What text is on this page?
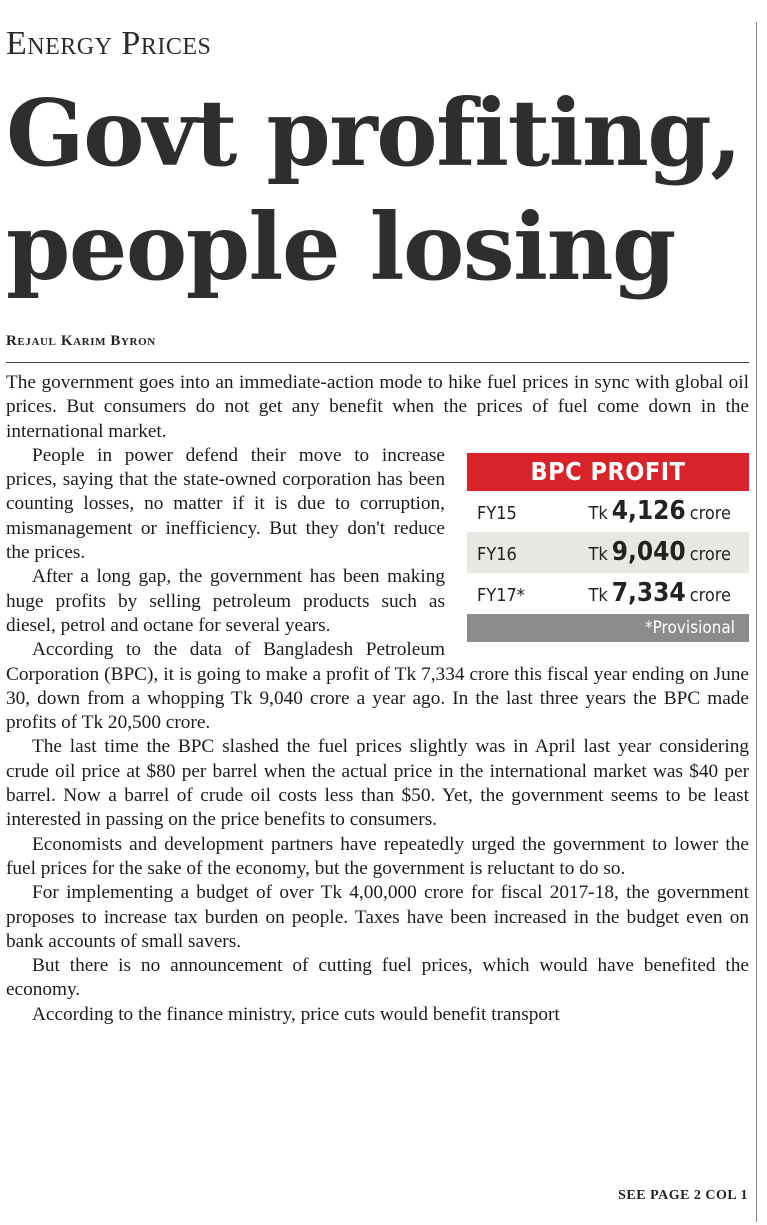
Energy Prices
Govt profiting,
people losing
Rejaul Karim Byron

The government goes into an immediate-action mode to hike fuel prices in sync with global oil prices. But consumers do not get any benefit when the prices of fuel come down in the international market.

BPC PROFIT
FY15	Tk 4,126 crore
FY16	Tk 9,040 crore
FY17*	Tk 7,334 crore
*Provisional

People in power defend their move to increase prices, saying that the state-owned corporation has been counting losses, no matter if it is due to corruption, mismanagement or inefficiency. But they don't reduce the prices.

After a long gap, the government has been making huge profits by selling petroleum products such as diesel, petrol and octane for several years.

According to the data of Bangladesh Petroleum Corporation (BPC), it is going to make a profit of Tk 7,334 crore this fiscal year ending on June 30, down from a whopping Tk 9,040 crore a year ago. In the last three years the BPC made profits of Tk 20,500 crore.

The last time the BPC slashed the fuel prices slightly was in April last year considering crude oil price at $80 per barrel when the actual price in the international market was $40 per barrel. Now a barrel of crude oil costs less than $50. Yet, the government seems to be least interested in passing on the price benefits to consumers.

Economists and development partners have repeatedly urged the government to lower the fuel prices for the sake of the economy, but the government is reluctant to do so.

For implementing a budget of over Tk 4,00,000 crore for fiscal 2017-18, the government proposes to increase tax burden on people. Taxes have been increased in the budget even on bank accounts of small savers.

But there is no announcement of cutting fuel prices, which would have benefited the economy.

According to the finance ministry, price cuts would benefit transport

SEE PAGE 2 COL 1
